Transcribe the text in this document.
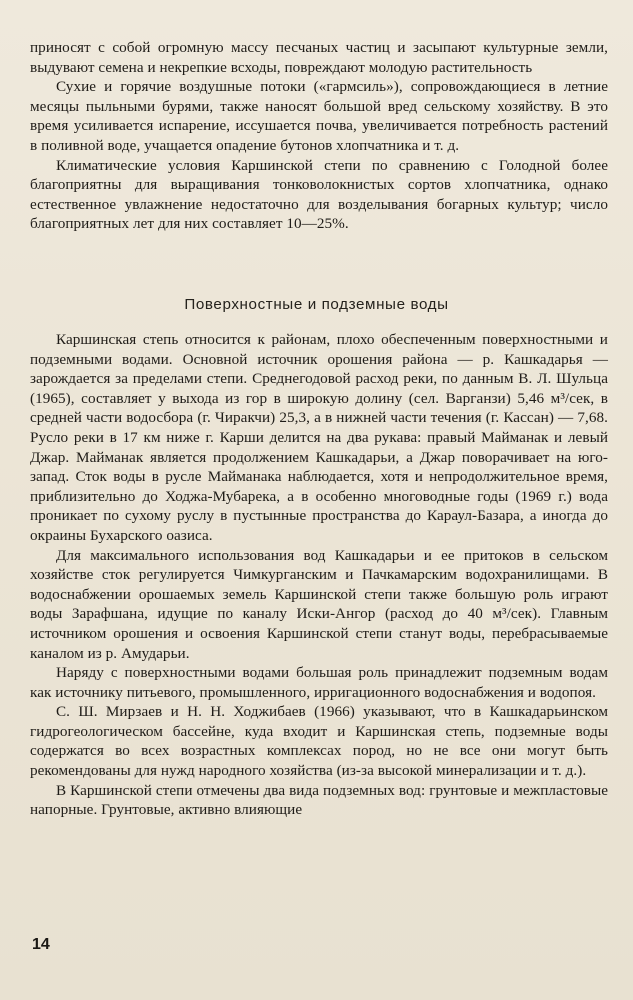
приносят с собой огромную массу песчаных частиц и засыпают культурные земли, выдувают семена и некрепкие всходы, повреждают молодую растительность

Сухие и горячие воздушные потоки («гармсиль»), сопровождающиеся в летние месяцы пыльными бурями, также наносят большой вред сельскому хозяйству. В это время усиливается испарение, иссушается почва, увеличивается потребность растений в поливной воде, учащается опадение бутонов хлопчатника и т. д.

Климатические условия Каршинской степи по сравнению с Голодной более благоприятны для выращивания тонковолокнистых сортов хлопчатника, однако естественное увлажнение недостаточно для возделывания богарных культур; число благоприятных лет для них составляет 10—25%.

Поверхностные и подземные воды

Каршинская степь относится к районам, плохо обеспеченным поверхностными и подземными водами. Основной источник орошения района — р. Кашкадарья — зарождается за пределами степи. Среднегодовой расход реки, по данным В. Л. Шульца (1965), составляет у выхода из гор в широкую долину (сел. Варганзи) 5,46 м³/сек, в средней части водосбора (г. Чиракчи) 25,3, а в нижней части течения (г. Кассан) — 7,68. Русло реки в 17 км ниже г. Карши делится на два рукава: правый Майманак и левый Джар. Майманак является продолжением Кашкадарьи, а Джар поворачивает на юго-запад. Сток воды в русле Майманака наблюдается, хотя и непродолжительное время, приблизительно до Ходжа-Мубарека, а в особенно многоводные годы (1969 г.) вода проникает по сухому руслу в пустынные пространства до Караул-Базара, а иногда до окраины Бухарского оазиса.

Для максимального использования вод Кашкадарьи и ее притоков в сельском хозяйстве сток регулируется Чимкурганским и Пачкамарским водохранилищами. В водоснабжении орошаемых земель Каршинской степи также большую роль играют воды Зарафшана, идущие по каналу Иски-Ангор (расход до 40 м³/сек). Главным источником орошения и освоения Каршинской степи станут воды, перебрасываемые каналом из р. Амударьи.

Наряду с поверхностными водами большая роль принадлежит подземным водам как источнику питьевого, промышленного, ирригационного водоснабжения и водопоя.

С. Ш. Мирзаев и Н. Н. Ходжибаев (1966) указывают, что в Кашкадарьинском гидрогеологическом бассейне, куда входит и Каршинская степь, подземные воды содержатся во всех возрастных комплексах пород, но не все они могут быть рекомендованы для нужд народного хозяйства (из-за высокой минерализации и т. д.).

В Каршинской степи отмечены два вида подземных вод: грунтовые и межпластовые напорные. Грунтовые, активно влияющие

14
